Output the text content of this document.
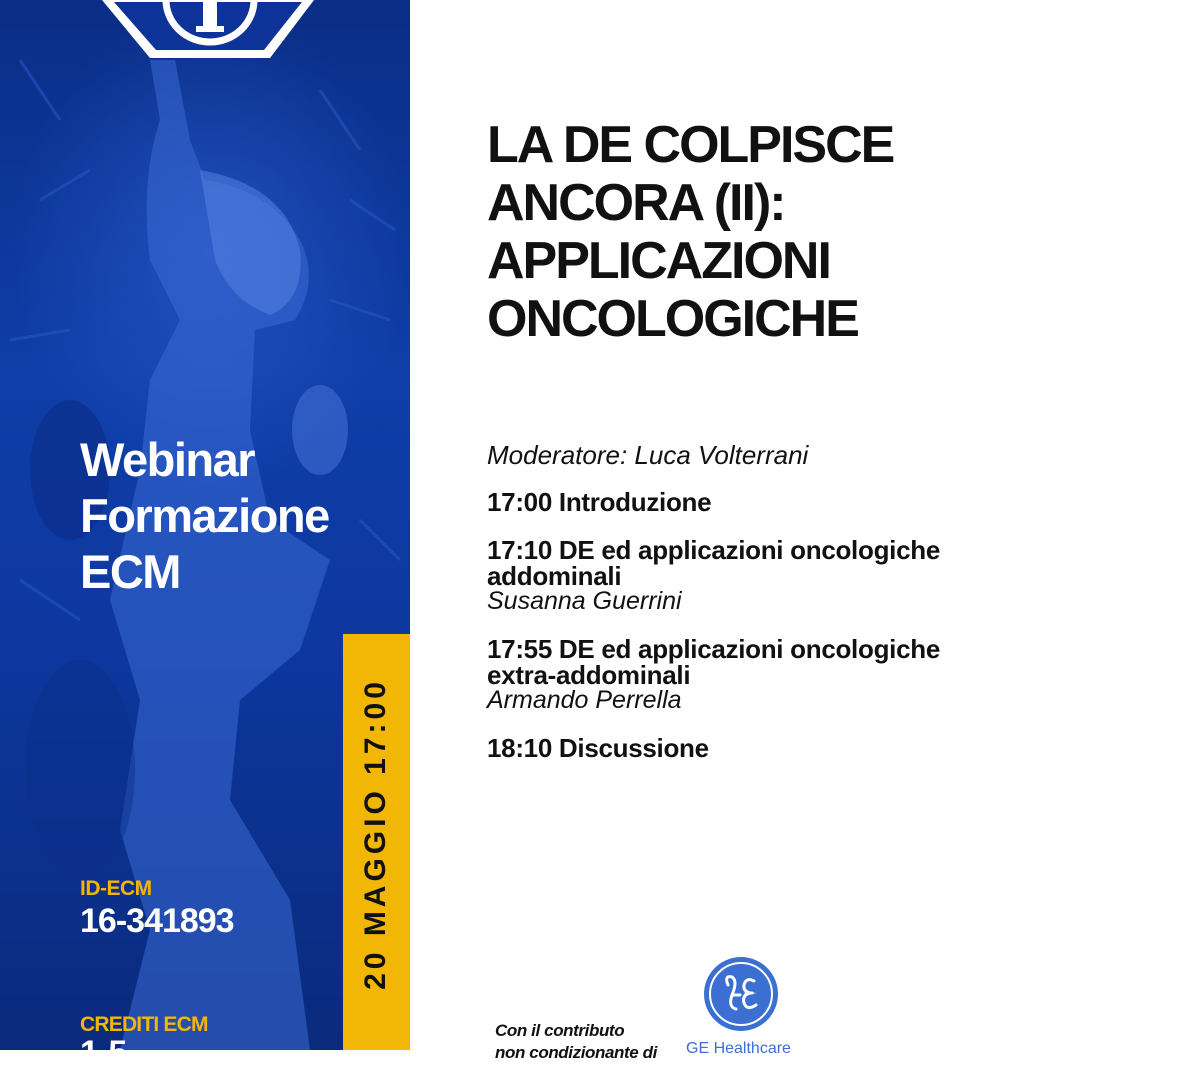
Webinar
Formazione
ECM
ID-ECM
16-341893
CREDITI ECM
1,5
20 MAGGIO 17:00
LA DE COLPISCE
ANCORA (II):
APPLICAZIONI
ONCOLOGICHE
Moderatore: Luca Volterrani
17:00 Introduzione
17:10 DE ed applicazioni oncologiche
addominali
Susanna Guerrini
17:55 DE ed applicazioni oncologiche
extra-addominali
Armando Perrella
18:10 Discussione
Con il contributo
non condizionante di	GE Healthcare
